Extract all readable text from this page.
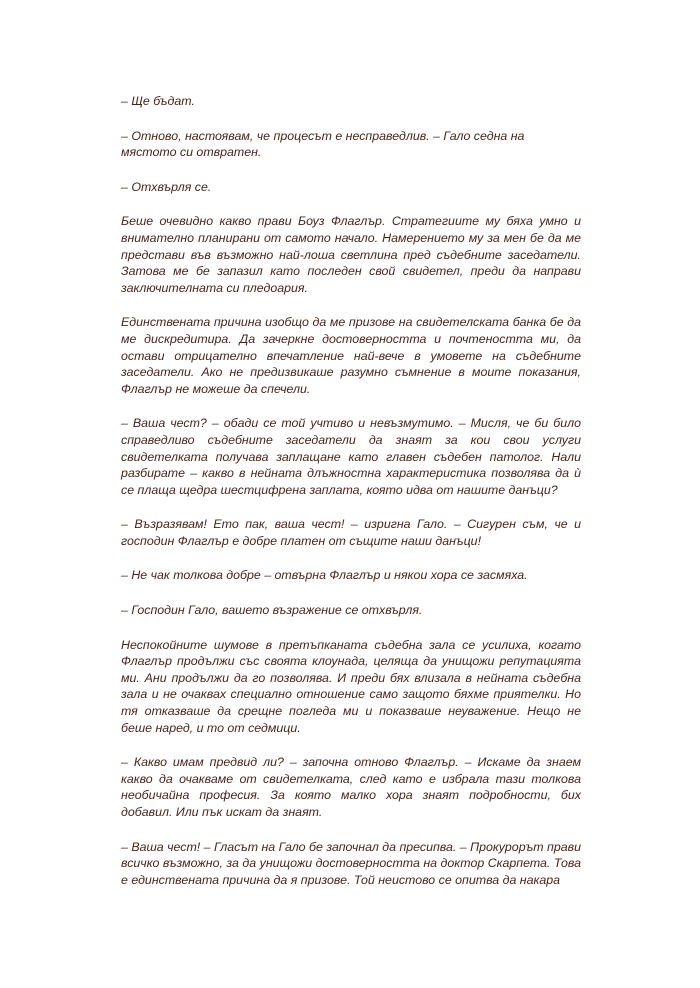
– Ще бъдат.

– Отново, настоявам, че процесът е несправедлив. – Гало седна на мястото си отвратен.

– Отхвърля се.

Беше очевидно какво прави Боуз Флаглър. Стратегиите му бяха умно и внимателно планирани от самото начало. Намерението му за мен бе да ме представи във възможно най-лоша светлина пред съдебните заседатели. Затова ме бе запазил като последен свой свидетел, преди да направи заключителната си пледоария.

Единствената причина изобщо да ме призове на свидетелската банка бе да ме дискредитира. Да зачеркне достоверността и почтеността ми, да остави отрицателно впечатление най-вече в умовете на съдебните заседатели. Ако не предизвикаше разумно съмнение в моите показания, Флаглър не можеше да спечели.

– Ваша чест? – обади се той учтиво и невъзмутимо. – Мисля, че би било справедливо съдебните заседатели да знаят за кои свои услуги свидетелката получава заплащане като главен съдебен патолог. Нали разбирате – какво в нейната длъжностна характеристика позволява да ѝ се плаща щедра шестцифрена заплата, която идва от нашите данъци?

– Възразявам! Ето пак, ваша чест! – изригна Гало. – Сигурен съм, че и господин Флаглър е добре платен от същите наши данъци!

– Не чак толкова добре – отвърна Флаглър и някои хора се засмяха.

– Господин Гало, вашето възражение се отхвърля.

Неспокойните шумове в претъпканата съдебна зала се усилиха, когато Флаглър продължи със своята клоунада, целяща да унищожи репутацията ми. Ани продължи да го позволява. И преди бях влизала в нейната съдебна зала и не очаквах специално отношение само защото бяхме приятелки. Но тя отказваше да срещне погледа ми и показваше неуважение. Нещо не беше наред, и то от седмици.

– Какво имам предвид ли? – започна отново Флаглър. – Искаме да знаем какво да очакваме от свидетелката, след като е избрала тази толкова необичайна професия. За която малко хора знаят подробности, бих добавил. Или пък искат да знаят.

– Ваша чест! – Гласът на Гало бе започнал да пресипва. – Прокурорът прави всичко възможно, за да унищожи достоверността на доктор Скарпета. Това е единствената причина да я призове. Той неистово се опитва да накара
